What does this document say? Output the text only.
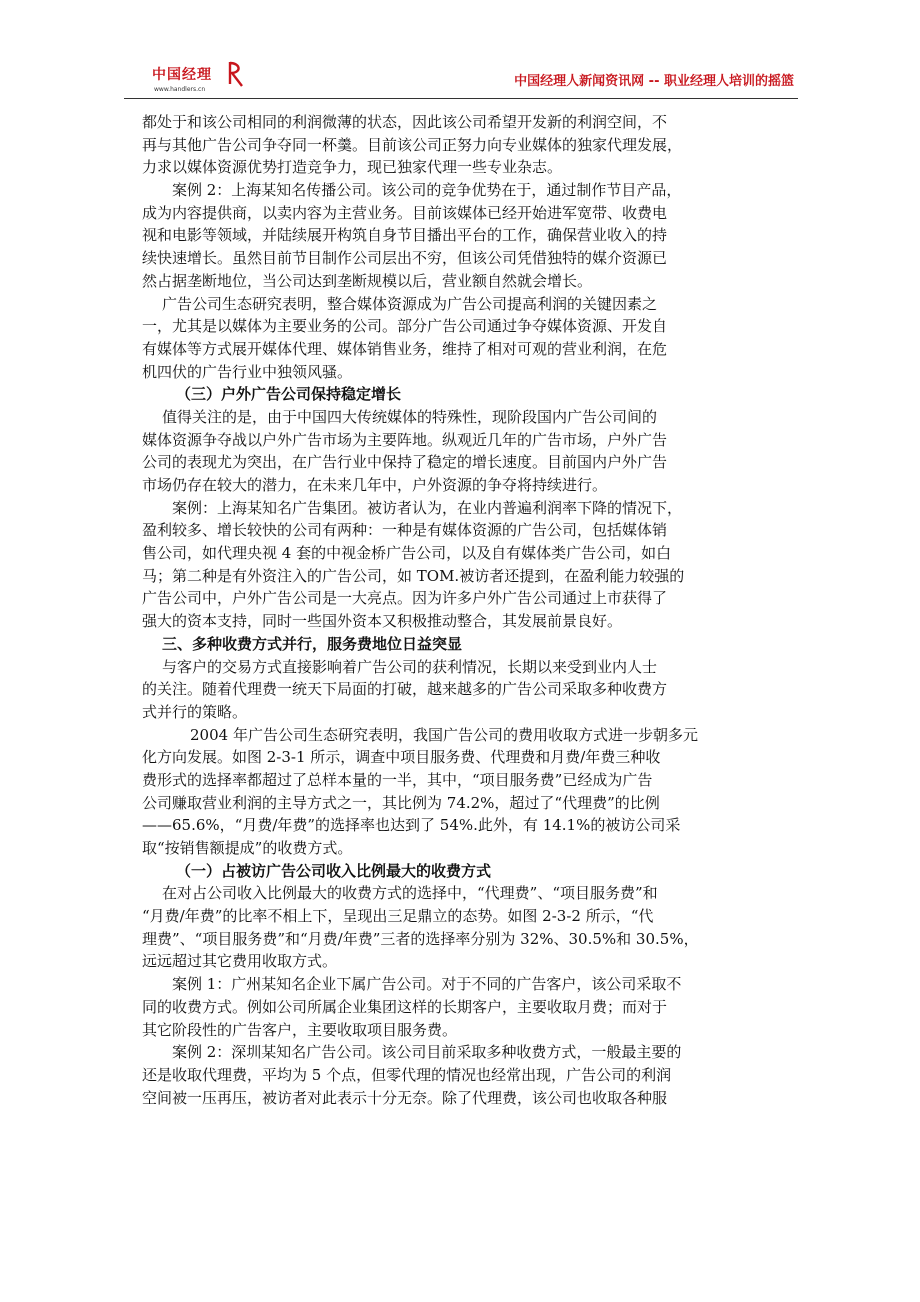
中国经理
www.handlers.cn
中国经理人新闻资讯网 -- 职业经理人培训的摇篮
都处于和该公司相同的利润微薄的状态，因此该公司希望开发新的利润空间，不
再与其他广告公司争夺同一杯羹。目前该公司正努力向专业媒体的独家代理发展，
力求以媒体资源优势打造竞争力，现已独家代理一些专业杂志。
案例 2：上海某知名传播公司。该公司的竞争优势在于，通过制作节目产品，
成为内容提供商，以卖内容为主营业务。目前该媒体已经开始进军宽带、收费电
视和电影等领域，并陆续展开构筑自身节目播出平台的工作，确保营业收入的持
续快速增长。虽然目前节目制作公司层出不穷，但该公司凭借独特的媒介资源已
然占据垄断地位，当公司达到垄断规模以后，营业额自然就会增长。
广告公司生态研究表明，整合媒体资源成为广告公司提高利润的关键因素之
一，尤其是以媒体为主要业务的公司。部分广告公司通过争夺媒体资源、开发自
有媒体等方式展开媒体代理、媒体销售业务，维持了相对可观的营业利润，在危
机四伏的广告行业中独领风骚。
（三）户外广告公司保持稳定增长
值得关注的是，由于中国四大传统媒体的特殊性，现阶段国内广告公司间的
媒体资源争夺战以户外广告市场为主要阵地。纵观近几年的广告市场，户外广告
公司的表现尤为突出，在广告行业中保持了稳定的增长速度。目前国内户外广告
市场仍存在较大的潜力，在未来几年中，户外资源的争夺将持续进行。
案例：上海某知名广告集团。被访者认为，在业内普遍利润率下降的情况下，
盈利较多、增长较快的公司有两种：一种是有媒体资源的广告公司，包括媒体销
售公司，如代理央视 4 套的中视金桥广告公司，以及自有媒体类广告公司，如白
马；第二种是有外资注入的广告公司，如 TOM.被访者还提到，在盈利能力较强的
广告公司中，户外广告公司是一大亮点。因为许多户外广告公司通过上市获得了
强大的资本支持，同时一些国外资本又积极推动整合，其发展前景良好。
三、多种收费方式并行，服务费地位日益突显
与客户的交易方式直接影响着广告公司的获利情况，长期以来受到业内人士
的关注。随着代理费一统天下局面的打破，越来越多的广告公司采取多种收费方
式并行的策略。
2004 年广告公司生态研究表明，我国广告公司的费用收取方式进一步朝多元
化方向发展。如图 2-3-1 所示，调查中项目服务费、代理费和月费/年费三种收
费形式的选择率都超过了总样本量的一半，其中，“项目服务费”已经成为广告
公司赚取营业利润的主导方式之一，其比例为 74.2%，超过了“代理费”的比例
——65.6%，“月费/年费”的选择率也达到了 54%.此外，有 14.1%的被访公司采
取“按销售额提成”的收费方式。
（一）占被访广告公司收入比例最大的收费方式
在对占公司收入比例最大的收费方式的选择中，“代理费”、“项目服务费”和
“月费/年费”的比率不相上下，呈现出三足鼎立的态势。如图 2-3-2 所示，“代
理费”、“项目服务费”和“月费/年费”三者的选择率分别为 32%、30.5%和 30.5%，
远远超过其它费用收取方式。
案例 1：广州某知名企业下属广告公司。对于不同的广告客户，该公司采取不
同的收费方式。例如公司所属企业集团这样的长期客户，主要收取月费；而对于
其它阶段性的广告客户，主要收取项目服务费。
案例 2：深圳某知名广告公司。该公司目前采取多种收费方式，一般最主要的
还是收取代理费，平均为 5 个点，但零代理的情况也经常出现，广告公司的利润
空间被一压再压，被访者对此表示十分无奈。除了代理费，该公司也收取各种服
